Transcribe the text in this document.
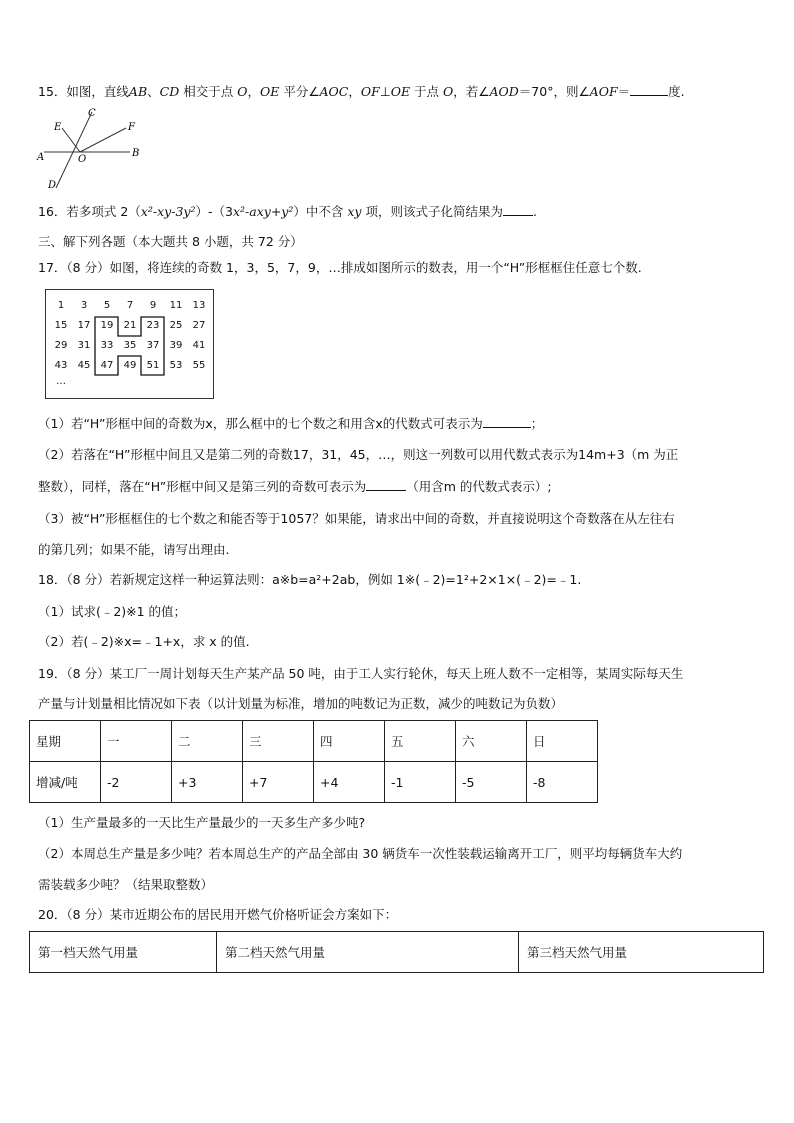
15．如图，直线AB、CD 相交于点 O，OE 平分∠AOC，OF⊥OE 于点 O，若∠AOD＝70°，则∠AOF＝	度.
C
E	F
A	O
B
D
16．若多项式 2（x²-xy-3y²）-（3x²-axy+y²）中不含 xy 项，则该式子化简结果为 .
三、解下列各题（本大题共 8 小题，共 72 分）
17．（8 分）如图，将连续的奇数 1，3，5，7，9，…排成如图所示的数表，用一个“H”形框框住任意七个数.
1	3	5	7	9	11	13
15	17	19	21	23	25	27
29	31	33	35	37	39	41
43	45	47	49	51	53	55
…
（1）若“H”形框中间的奇数为x，那么框中的七个数之和用含x的代数式可表示为	；
（2）若落在“H”形框中间且又是第二列的奇数17，31，45，…，则这一列数可以用代数式表示为14m+3（m 为正
整数），同样，落在“H”形框中间又是第三列的奇数可表示为	（用含m 的代数式表示）;
（3）被“H”形框框住的七个数之和能否等于1057？如果能，请求出中间的奇数，并直接说明这个奇数落在从左往右
的第几列；如果不能，请写出理由.
18．（8 分）若新规定这样一种运算法则：a※b=a²+2ab，例如 1※(﹣2)=1²+2×1×(﹣2)=﹣1.
（1）试求(﹣2)※1 的值；
（2）若(﹣2)※x=﹣1+x，求 x 的值.
19．（8 分）某工厂一周计划每天生产某产品 50 吨，由于工人实行轮休，每天上班人数不一定相等，某周实际每天生
产量与计划量相比情况如下表（以计划量为标准，增加的吨数记为正数，减少的吨数记为负数）
星期	一	二	三	四	五	六	日
增减/吨	-2	+3	+7	+4	-1	-5	-8
（1）生产量最多的一天比生产量最少的一天多生产多少吨?
（2）本周总生产量是多少吨？若本周总生产的产品全部由 30 辆货车一次性装载运输离开工厂，则平均每辆货车大约
需装载多少吨？（结果取整数）
20．（8 分）某市近期公布的居民用开燃气价格听证会方案如下：
第一档天然气用量	第二档天然气用量	第三档天然气用量
